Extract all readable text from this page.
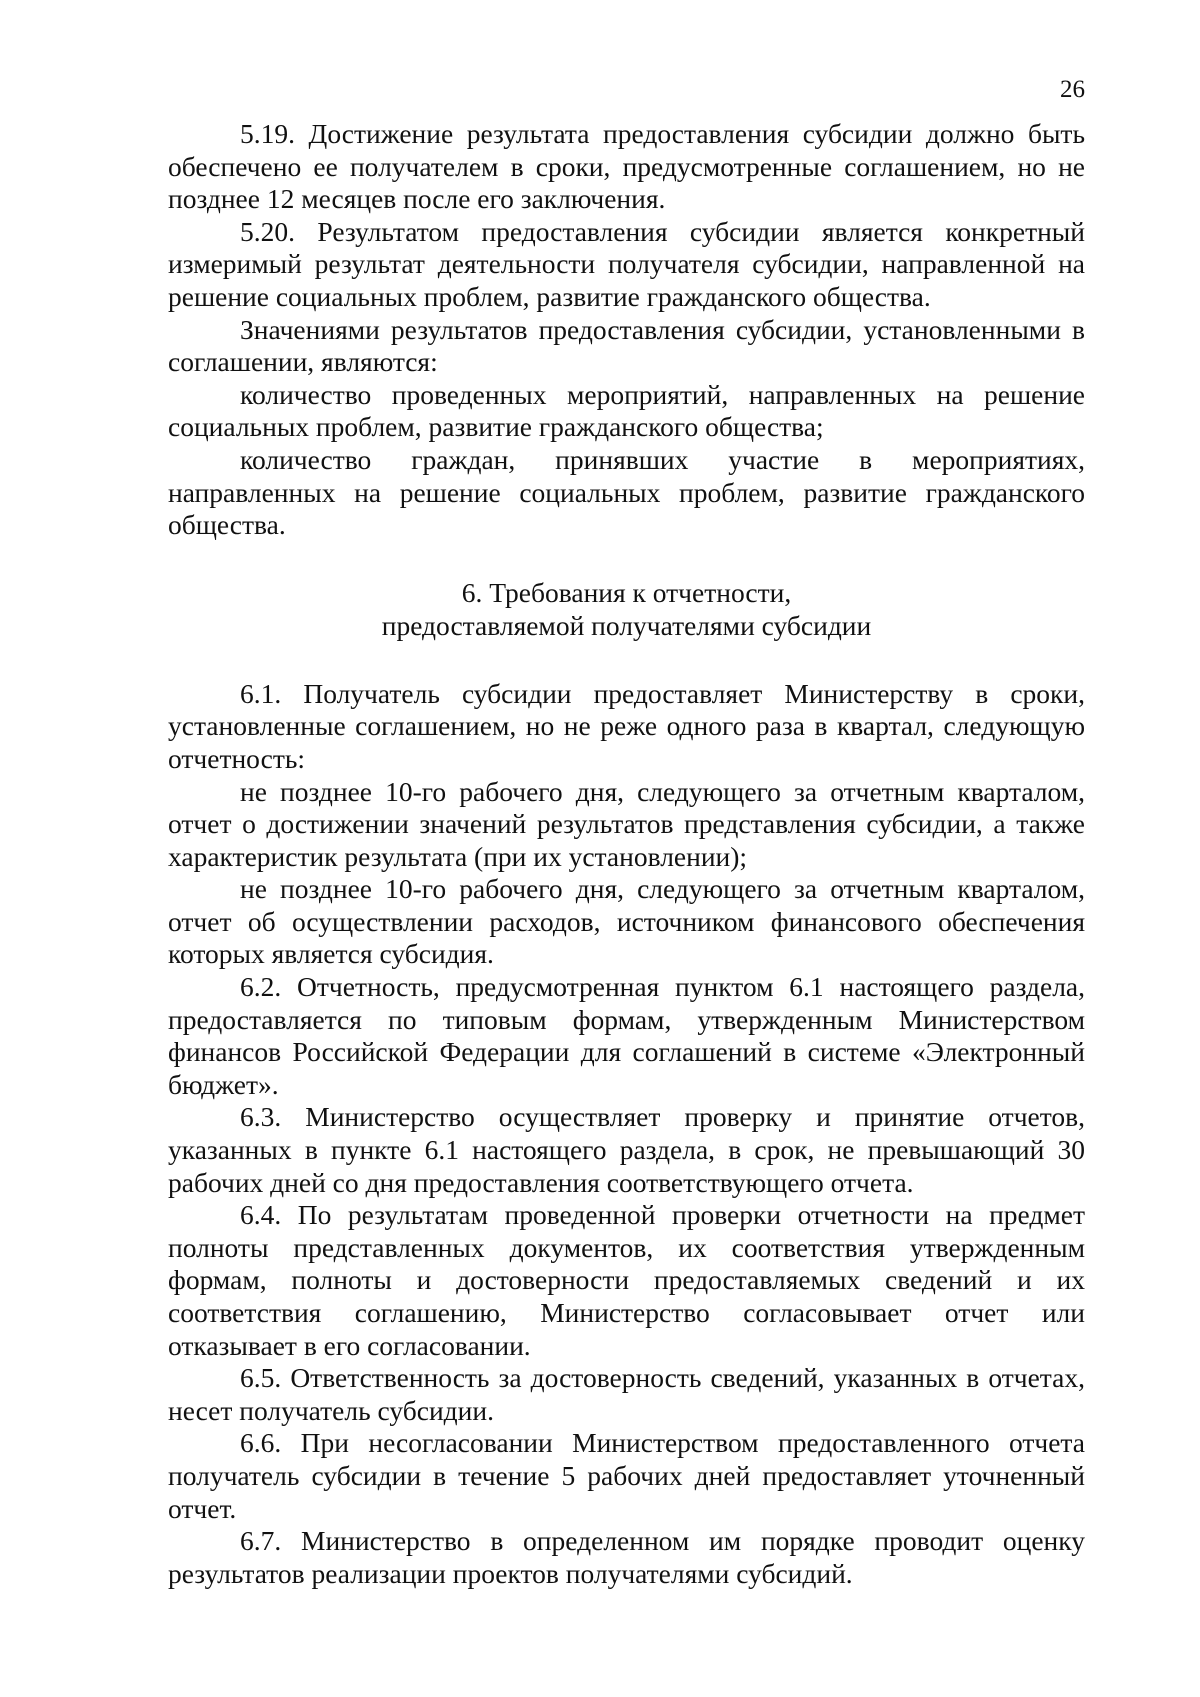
26

5.19. Достижение результата предоставления субсидии должно быть обеспечено ее получателем в сроки, предусмотренные соглашением, но не позднее 12 месяцев после его заключения.

5.20. Результатом предоставления субсидии является конкретный измеримый результат деятельности получателя субсидии, направленной на решение социальных проблем, развитие гражданского общества.

Значениями результатов предоставления субсидии, установленными в соглашении, являются:

количество проведенных мероприятий, направленных на решение социальных проблем, развитие гражданского общества;

количество граждан, принявших участие в мероприятиях, направленных на решение социальных проблем, развитие гражданского общества.

6. Требования к отчетности,
предоставляемой получателями субсидии

6.1. Получатель субсидии предоставляет Министерству в сроки, установленные соглашением, но не реже одного раза в квартал, следующую отчетность:

не позднее 10-го рабочего дня, следующего за отчетным кварталом, отчет о достижении значений результатов представления субсидии, а также характеристик результата (при их установлении);

не позднее 10-го рабочего дня, следующего за отчетным кварталом, отчет об осуществлении расходов, источником финансового обеспечения которых является субсидия.

6.2. Отчетность, предусмотренная пунктом 6.1 настоящего раздела, предоставляется по типовым формам, утвержденным Министерством финансов Российской Федерации для соглашений в системе «Электронный бюджет».

6.3. Министерство осуществляет проверку и принятие отчетов, указанных в пункте 6.1 настоящего раздела, в срок, не превышающий 30 рабочих дней со дня предоставления соответствующего отчета.

6.4. По результатам проведенной проверки отчетности на предмет полноты представленных документов, их соответствия утвержденным формам, полноты и достоверности предоставляемых сведений и их соответствия соглашению, Министерство согласовывает отчет или отказывает в его согласовании.

6.5. Ответственность за достоверность сведений, указанных в отчетах, несет получатель субсидии.

6.6. При несогласовании Министерством предоставленного отчета получатель субсидии в течение 5 рабочих дней предоставляет уточненный отчет.

6.7. Министерство в определенном им порядке проводит оценку результатов реализации проектов получателями субсидий.
